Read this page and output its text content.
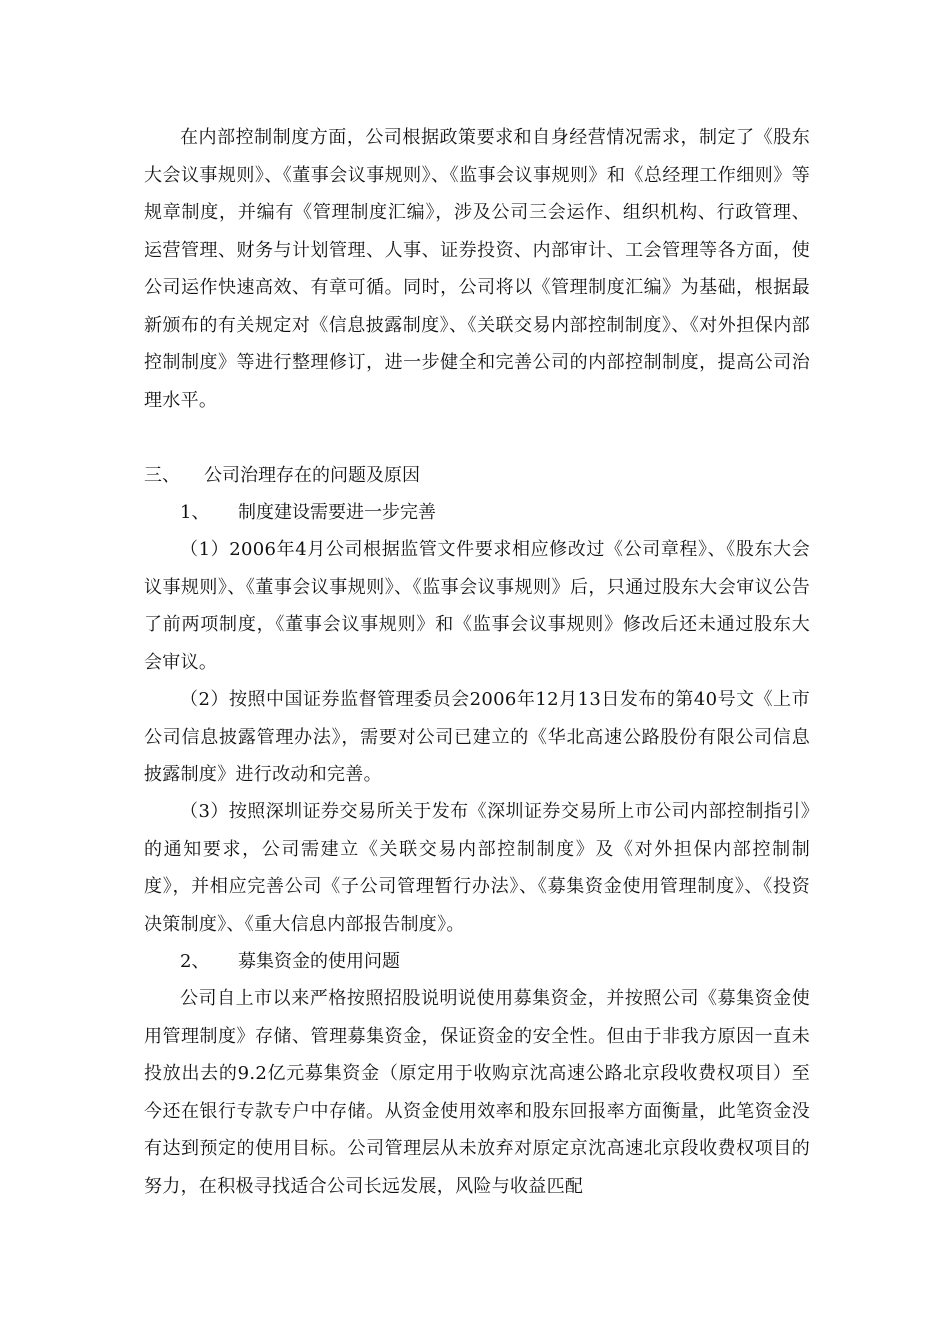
在内部控制制度方面，公司根据政策要求和自身经营情况需求，制定了《股东大会议事规则》、《董事会议事规则》、《监事会议事规则》和《总经理工作细则》等规章制度，并编有《管理制度汇编》，涉及公司三会运作、组织机构、行政管理、运营管理、财务与计划管理、人事、证券投资、内部审计、工会管理等各方面，使公司运作快速高效、有章可循。同时，公司将以《管理制度汇编》为基础，根据最新颁布的有关规定对《信息披露制度》、《关联交易内部控制制度》、《对外担保内部控制制度》等进行整理修订，进一步健全和完善公司的内部控制制度，提高公司治理水平。

三、 公司治理存在的问题及原因
1、 制度建设需要进一步完善

（1）2006年4月公司根据监管文件要求相应修改过《公司章程》、《股东大会议事规则》、《董事会议事规则》、《监事会议事规则》后，只通过股东大会审议公告了前两项制度，《董事会议事规则》和《监事会议事规则》修改后还未通过股东大会审议。

（2）按照中国证券监督管理委员会2006年12月13日发布的第40号文《上市公司信息披露管理办法》，需要对公司已建立的《华北高速公路股份有限公司信息披露制度》进行改动和完善。

（3）按照深圳证券交易所关于发布《深圳证券交易所上市公司内部控制指引》的通知要求，公司需建立《关联交易内部控制制度》及《对外担保内部控制制度》，并相应完善公司《子公司管理暂行办法》、《募集资金使用管理制度》、《投资决策制度》、《重大信息内部报告制度》。

2、 募集资金的使用问题

公司自上市以来严格按照招股说明说使用募集资金，并按照公司《募集资金使用管理制度》存储、管理募集资金，保证资金的安全性。但由于非我方原因一直未投放出去的9.2亿元募集资金（原定用于收购京沈高速公路北京段收费权项目）至今还在银行专款专户中存储。从资金使用效率和股东回报率方面衡量，此笔资金没有达到预定的使用目标。公司管理层从未放弃对原定京沈高速北京段收费权项目的努力，在积极寻找适合公司长远发展，风险与收益匹配
